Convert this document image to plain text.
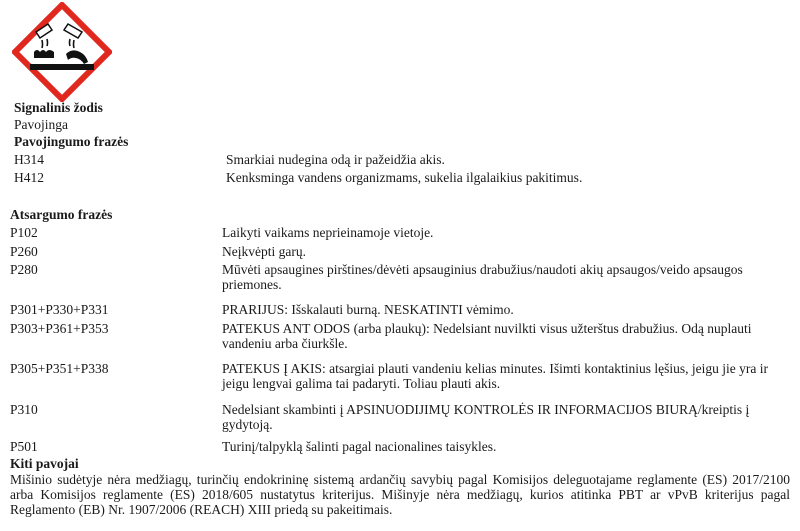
Signalinis žodis
Pavojinga
Pavojingumo frazės
H314	Smarkiai nudegina odą ir pažeidžia akis.
H412	Kenksminga vandens organizmams, sukelia ilgalaikius pakitimus.
Atsargumo frazės
P102	Laikyti vaikams neprieinamoje vietoje.
P260	Neįkvėpti garų.
P280	Mūvėti apsaugines pirštines/dėvėti apsauginius drabužius/naudoti akių apsaugos/veido apsaugos priemones.
P301+P330+P331	PRARIJUS: Išskalauti burną. NESKATINTI vėmimo.
P303+P361+P353	PATEKUS ANT ODOS (arba plaukų): Nedelsiant nuvilkti visus užterštus drabužius. Odą nuplauti vandeniu arba čiurkšle.
P305+P351+P338	PATEKUS Į AKIS: atsargiai plauti vandeniu kelias minutes. Išimti kontaktinius lęšius, jeigu jie yra ir jeigu lengvai galima tai padaryti. Toliau plauti akis.
P310	Nedelsiant skambinti į APSINUODIJIMŲ KONTROLĖS IR INFORMACIJOS BIURĄ/kreiptis į gydytoją.
P501	Turinį/talpyklą šalinti pagal nacionalines taisykles.
Kiti pavojai
Mišinio sudėtyje nėra medžiagų, turinčių endokrininę sistemą ardančių savybių pagal Komisijos deleguotajame reglamente (ES) 2017/2100 arba Komisijos reglamente (ES) 2018/605 nustatytus kriterijus. Mišinyje nėra medžiagų, kurios atitinka PBT ar vPvB kriterijus pagal Reglamento (EB) Nr. 1907/2006 (REACH) XIII priedą su pakeitimais.
